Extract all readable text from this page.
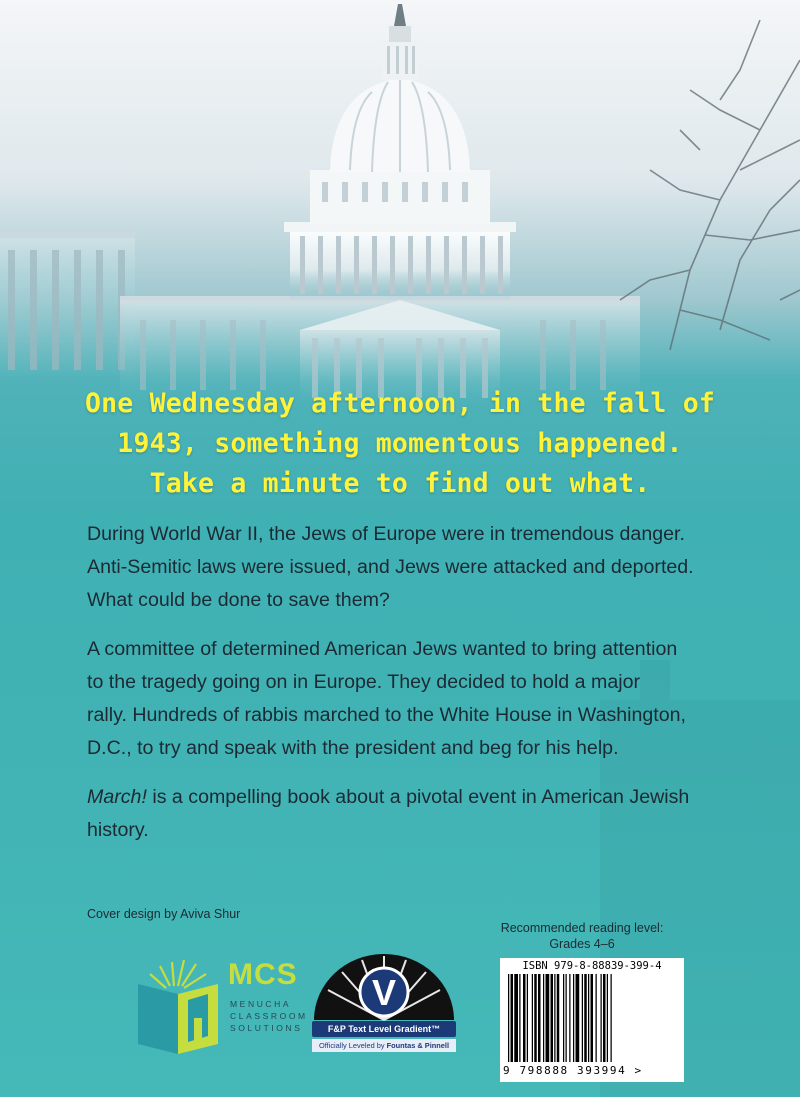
One Wednesday afternoon, in the fall of
1943, something momentous happened.
Take a minute to find out what.

During World War II, the Jews of Europe were in tremendous danger.
Anti-Semitic laws were issued, and Jews were attacked and deported.
What could be done to save them?

A committee of determined American Jews wanted to bring attention
to the tragedy going on in Europe. They decided to hold a major
rally. Hundreds of rabbis marched to the White House in Washington,
D.C., to try and speak with the president and beg for his help.

March! is a compelling book about a pivotal event in American Jewish
history.

Cover design by Aviva Shur
Recommended reading level:
Grades 4–6
MCS
MENUCHA
CLASSROOM
SOLUTIONS
V
F&P Text Level Gradient™
Officially Leveled by Fountas & Pinnell
ISBN 979-8-88839-399-4
9 798888 393994 >
